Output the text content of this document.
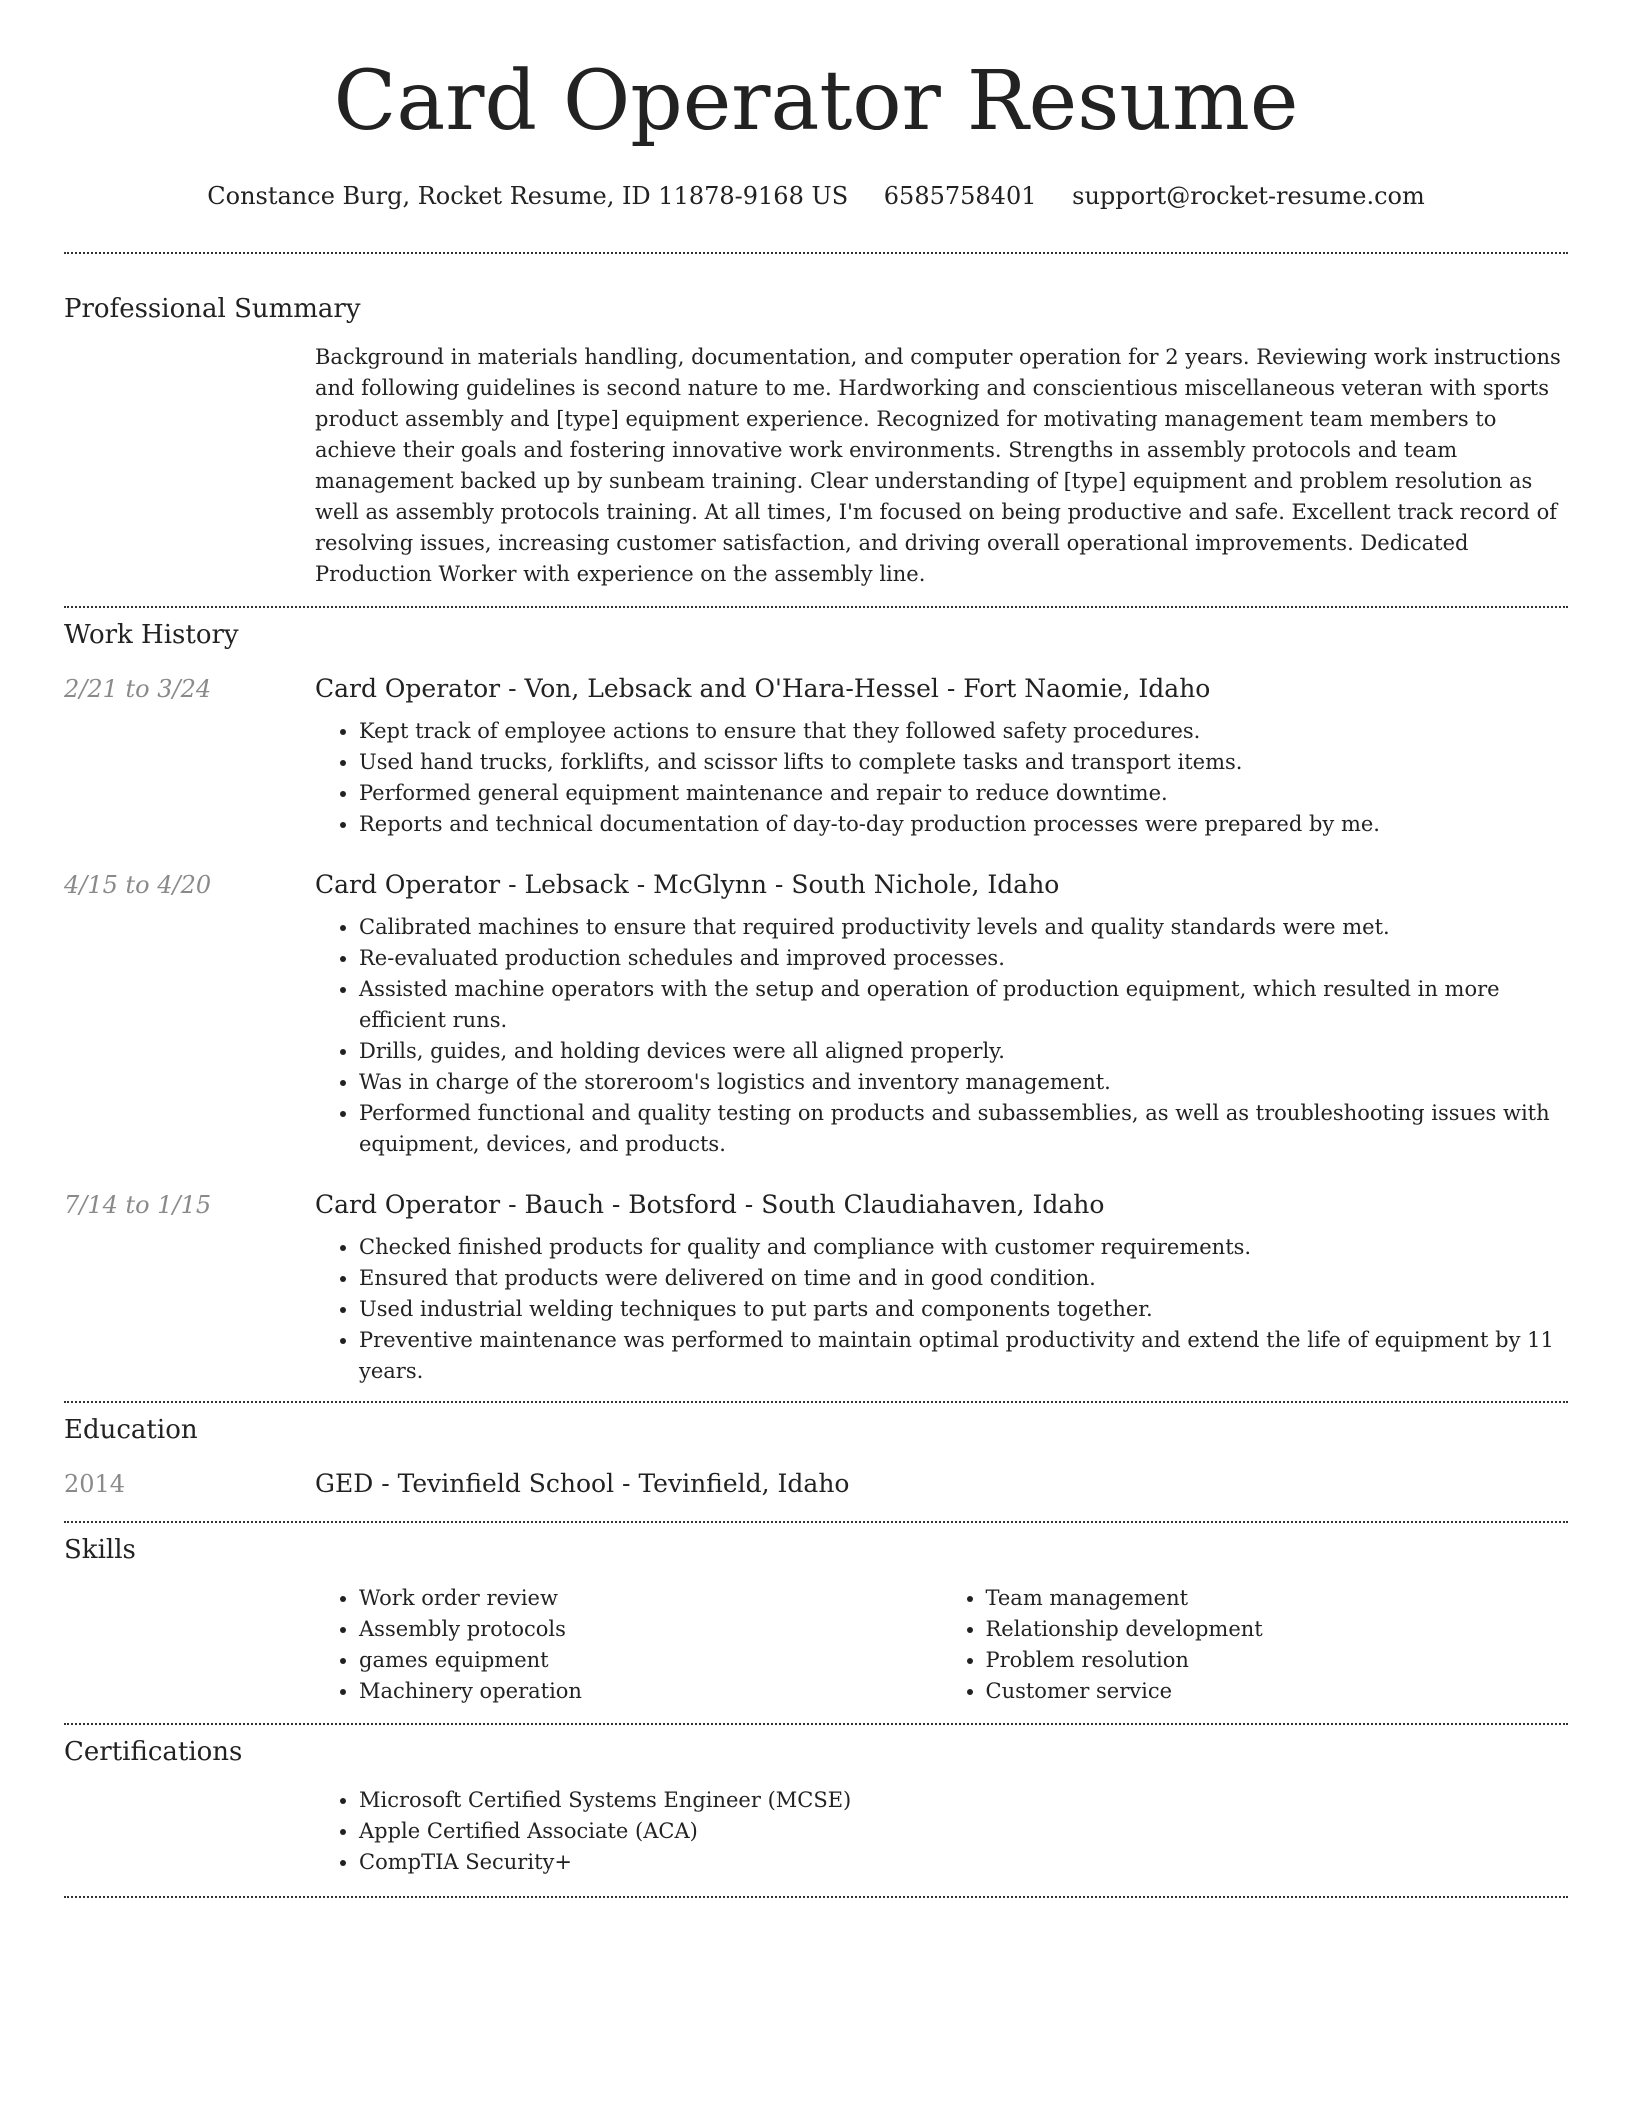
Card Operator Resume
Constance Burg, Rocket Resume, ID 11878-9168 US 6585758401 support@rocket-resume.com
Professional Summary

Background in materials handling, documentation, and computer operation for 2 years. Reviewing work instructions and following guidelines is second nature to me. Hardworking and conscientious miscellaneous veteran with sports product assembly and [type] equipment experience. Recognized for motivating management team members to achieve their goals and fostering innovative work environments. Strengths in assembly protocols and team management backed up by sunbeam training. Clear understanding of [type] equipment and problem resolution as well as assembly protocols training. At all times, I'm focused on being productive and safe. Excellent track record of resolving issues, increasing customer satisfaction, and driving overall operational improvements. Dedicated Production Worker with experience on the assembly line.

Work History
2/21 to 3/24	Card Operator - Von, Lebsack and O'Hara-Hessel - Fort Naomie, Idaho
• Kept track of employee actions to ensure that they followed safety procedures.
• Used hand trucks, forklifts, and scissor lifts to complete tasks and transport items.
• Performed general equipment maintenance and repair to reduce downtime.
• Reports and technical documentation of day-to-day production processes were prepared by me.
4/15 to 4/20	Card Operator - Lebsack - McGlynn - South Nichole, Idaho
• Calibrated machines to ensure that required productivity levels and quality standards were met.
• Re-evaluated production schedules and improved processes.
• Assisted machine operators with the setup and operation of production equipment, which resulted in more efficient runs.
• Drills, guides, and holding devices were all aligned properly.
• Was in charge of the storeroom's logistics and inventory management.
• Performed functional and quality testing on products and subassemblies, as well as troubleshooting issues with equipment, devices, and products.
7/14 to 1/15	Card Operator - Bauch - Botsford - South Claudiahaven, Idaho
• Checked finished products for quality and compliance with customer requirements.
• Ensured that products were delivered on time and in good condition.
• Used industrial welding techniques to put parts and components together.
• Preventive maintenance was performed to maintain optimal productivity and extend the life of equipment by 11 years.
Education
2014	GED - Tevinfield School - Tevinfield, Idaho
Skills
• Work order review
• Assembly protocols
• games equipment
• Machinery operation
• Team management
• Relationship development
• Problem resolution
• Customer service
Certifications
• Microsoft Certified Systems Engineer (MCSE)
• Apple Certified Associate (ACA)
• CompTIA Security+
